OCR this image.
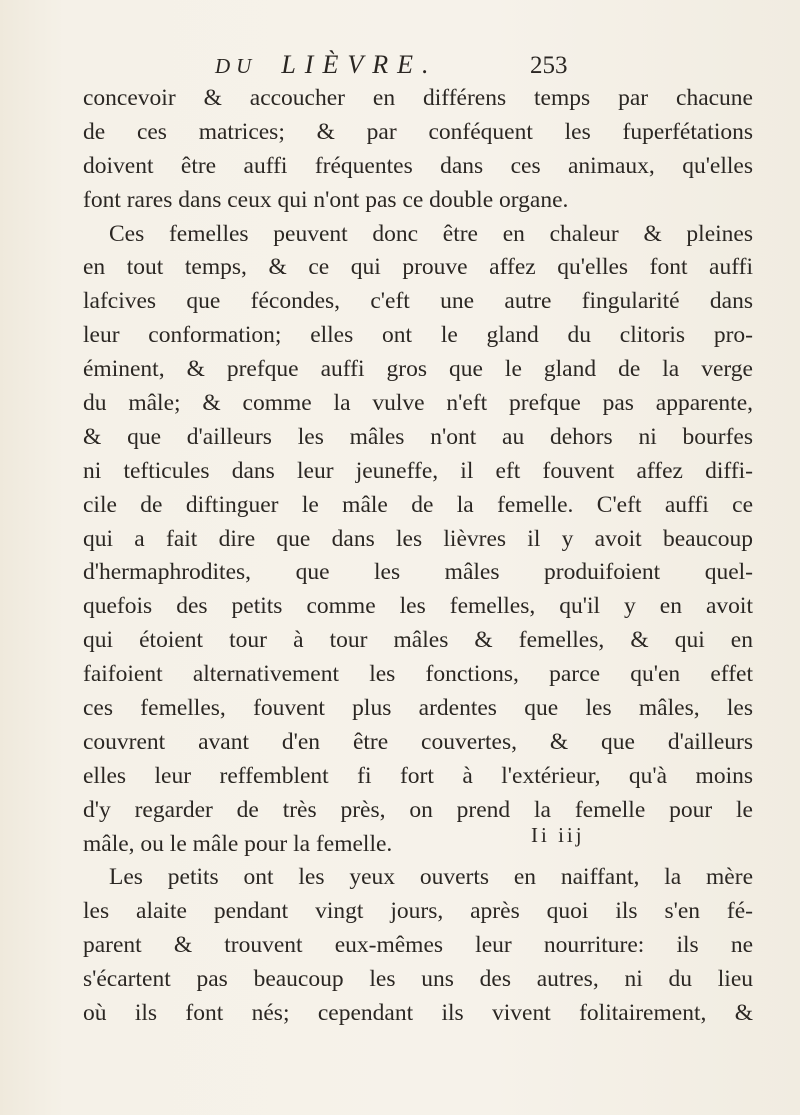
DU LIÈVRE.	253
concevoir & accoucher en différens temps par chacune
de ces matrices; & par conféquent les fuperfétations
doivent être auffi fréquentes dans ces animaux, qu'elles
font rares dans ceux qui n'ont pas ce double organe.
Ces femelles peuvent donc être en chaleur & pleines
en tout temps, & ce qui prouve affez qu'elles font auffi
lafcives que fécondes, c'eft une autre fingularité dans
leur conformation; elles ont le gland du clitoris pro-
éminent, & prefque auffi gros que le gland de la verge
du mâle; & comme la vulve n'eft prefque pas apparente,
& que d'ailleurs les mâles n'ont au dehors ni bourfes
ni tefticules dans leur jeuneffe, il eft fouvent affez diffi-
cile de diftinguer le mâle de la femelle. C'eft auffi ce
qui a fait dire que dans les lièvres il y avoit beaucoup
d'hermaphrodites, que les mâles produifoient quel-
quefois des petits comme les femelles, qu'il y en avoit
qui étoient tour à tour mâles & femelles, & qui en
faifoient alternativement les fonctions, parce qu'en effet
ces femelles, fouvent plus ardentes que les mâles, les
couvrent avant d'en être couvertes, & que d'ailleurs
elles leur reffemblent fi fort à l'extérieur, qu'à moins
d'y regarder de très près, on prend la femelle pour le
mâle, ou le mâle pour la femelle.
Les petits ont les yeux ouverts en naiffant, la mère
les alaite pendant vingt jours, après quoi ils s'en fé-
parent & trouvent eux-mêmes leur nourriture: ils ne
s'écartent pas beaucoup les uns des autres, ni du lieu
où ils font nés; cependant ils vivent folitairement, &
Ii iij
